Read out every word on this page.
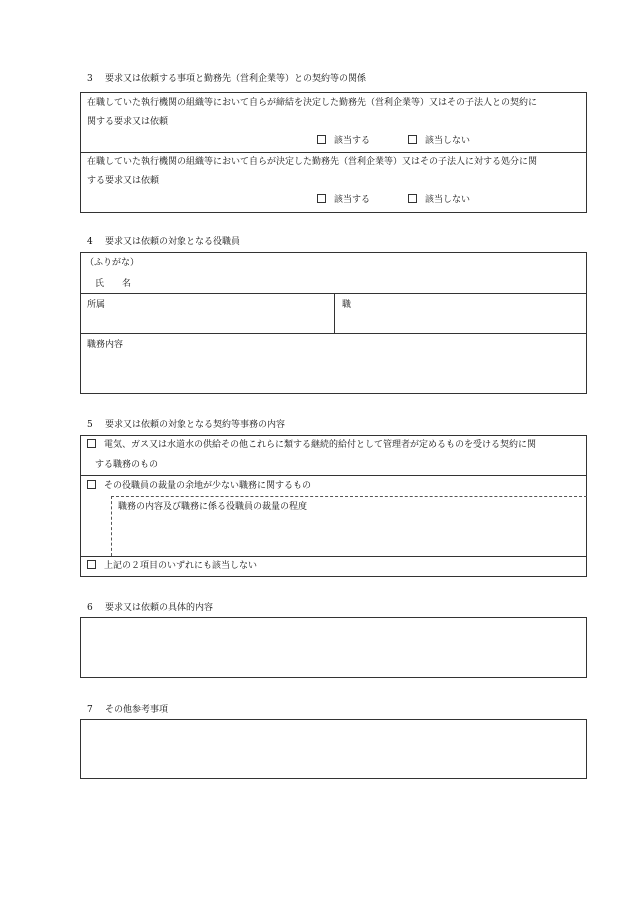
3 要求又は依頼する事項と勤務先（営利企業等）との契約等の関係
在職していた執行機関の組織等において自らが締結を決定した勤務先（営利企業等）又はその子法人との契約に
関する要求又は依頼
該当する	該当しない
在職していた執行機関の組織等において自らが決定した勤務先（営利企業等）又はその子法人に対する処分に関
する要求又は依頼
該当する	該当しない
4 要求又は依頼の対象となる役職員
（ふりがな）
氏　　名
所属	職
職務内容
5 要求又は依頼の対象となる契約等事務の内容
電気、ガス又は水道水の供給その他これらに類する継続的給付として管理者が定めるものを受ける契約に関
する職務のもの
その役職員の裁量の余地が少ない職務に関するもの
職務の内容及び職務に係る役職員の裁量の程度
上記の２項目のいずれにも該当しない
6 要求又は依頼の具体的内容
7 その他参考事項
